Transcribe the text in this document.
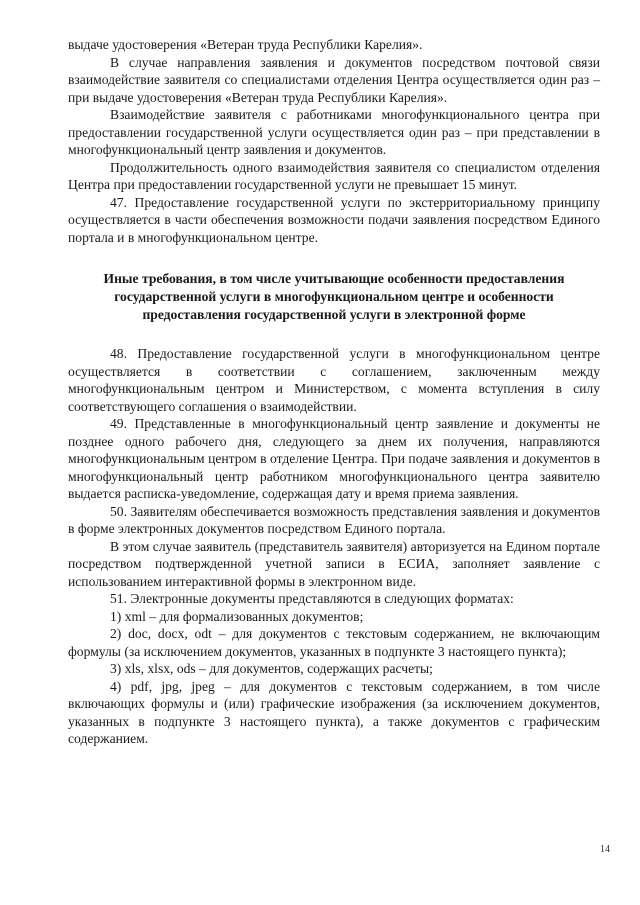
выдаче удостоверения «Ветеран труда Республики Карелия».

В случае направления заявления и документов посредством почтовой связи взаимодействие заявителя со специалистами отделения Центра осуществляется один раз – при выдаче удостоверения «Ветеран труда Республики Карелия».

Взаимодействие заявителя с работниками многофункционального центра при предоставлении государственной услуги осуществляется один раз – при представлении в многофункциональный центр заявления и документов.

Продолжительность одного взаимодействия заявителя со специалистом отделения Центра при предоставлении государственной услуги не превышает 15 минут.

47. Предоставление государственной услуги по экстерриториальному принципу осуществляется в части обеспечения возможности подачи заявления посредством Единого портала и в многофункциональном центре.

Иные требования, в том числе учитывающие особенности предоставления государственной услуги в многофункциональном центре и особенности предоставления государственной услуги в электронной форме

48. Предоставление государственной услуги в многофункциональном центре осуществляется в соответствии с соглашением, заключенным между многофункциональным центром и Министерством, с момента вступления в силу соответствующего соглашения о взаимодействии.

49. Представленные в многофункциональный центр заявление и документы не позднее одного рабочего дня, следующего за днем их получения, направляются многофункциональным центром в отделение Центра. При подаче заявления и документов в многофункциональный центр работником многофункционального центра заявителю выдается расписка-уведомление, содержащая дату и время приема заявления.

50. Заявителям обеспечивается возможность представления заявления и документов в форме электронных документов посредством Единого портала.

В этом случае заявитель (представитель заявителя) авторизуется на Едином портале посредством подтвержденной учетной записи в ЕСИА, заполняет заявление с использованием интерактивной формы в электронном виде.

51. Электронные документы представляются в следующих форматах:

1) xml – для формализованных документов;

2) doc, docx, odt – для документов с текстовым содержанием, не включающим формулы (за исключением документов, указанных в подпункте 3 настоящего пункта);

3) xls, xlsx, ods – для документов, содержащих расчеты;

4) pdf, jpg, jpeg – для документов с текстовым содержанием, в том числе включающих формулы и (или) графические изображения (за исключением документов, указанных в подпункте 3 настоящего пункта), а также документов с графическим содержанием.

14
